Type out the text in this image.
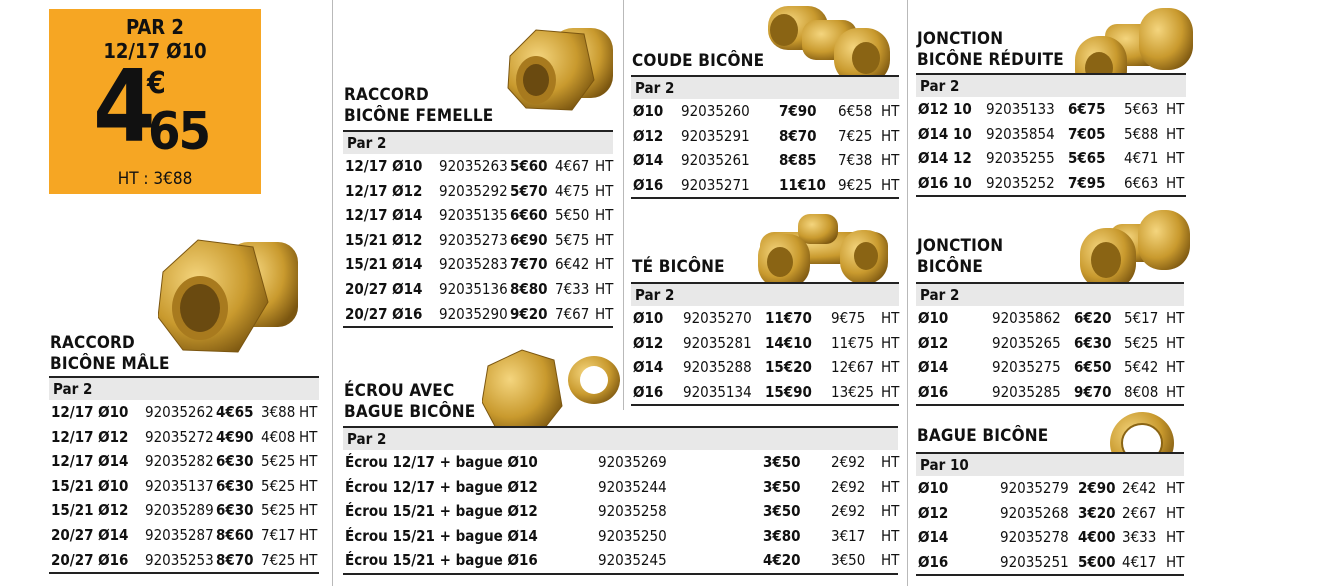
PAR 2
12/17 Ø10
4
€
65
HT : 3€88
RACCORD
BICÔNE MÂLE
Par 2
12/17 Ø10 92035262 4€65 3€88 HT
12/17 Ø12 92035272 4€90 4€08 HT
12/17 Ø14 92035282 6€30 5€25 HT
15/21 Ø10 92035137 6€30 5€25 HT
15/21 Ø12 92035289 6€30 5€25 HT
20/27 Ø14 92035287 8€60 7€17 HT
20/27 Ø16 92035253 8€70 7€25 HT
RACCORD
BICÔNE FEMELLE
Par 2
12/17 Ø10 92035263 5€60 4€67 HT
12/17 Ø12 92035292 5€70 4€75 HT
12/17 Ø14 92035135 6€60 5€50 HT
15/21 Ø12 92035273 6€90 5€75 HT
15/21 Ø14 92035283 7€70 6€42 HT
20/27 Ø14 92035136 8€80 7€33 HT
20/27 Ø16 92035290 9€20 7€67 HT
ÉCROU AVEC
BAGUE BICÔNE
Par 2
Écrou 12/17 + bague Ø10	92035269	3€50 2€92 HT
Écrou 12/17 + bague Ø12	92035244	3€50 2€92 HT
Écrou 15/21 + bague Ø12	92035258	3€50 2€92 HT
Écrou 15/21 + bague Ø14	92035250	3€80 3€17 HT
Écrou 15/21 + bague Ø16	92035245	4€20 3€50 HT
COUDE BICÔNE
Par 2
Ø10 92035260 7€90 6€58 HT
Ø12 92035291 8€70 7€25 HT
Ø14 92035261 8€85 7€38 HT
Ø16 92035271 11€10 9€25 HT
TÉ BICÔNE
Par 2
Ø10 92035270 11€70 9€75 HT
Ø12 92035281 14€10 11€75 HT
Ø14 92035288 15€20 12€67 HT
Ø16 92035134 15€90 13€25 HT
JONCTION
BICÔNE RÉDUITE
Par 2
Ø12 10 92035133 6€75 5€63 HT
Ø14 10 92035854 7€05 5€88 HT
Ø14 12 92035255 5€65 4€71 HT
Ø16 10 92035252 7€95 6€63 HT
JONCTION
BICÔNE
Par 2
Ø10	92035862 6€20 5€17 HT
Ø12	92035265 6€30 5€25 HT
Ø14	92035275 6€50 5€42 HT
Ø16	92035285 9€70 8€08 HT
BAGUE BICÔNE
Par 10
Ø10	92035279 2€90 2€42 HT
Ø12	92035268 3€20 2€67 HT
Ø14	92035278 4€00 3€33 HT
Ø16	92035251 5€00 4€17 HT
